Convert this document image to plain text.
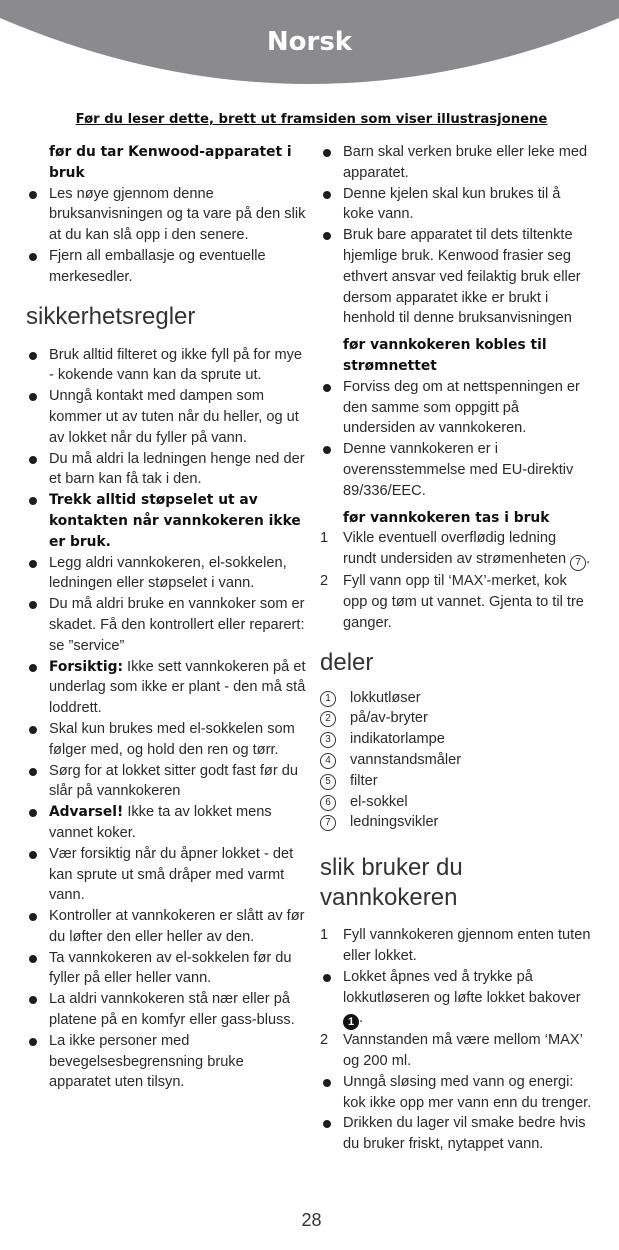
Norsk
Før du leser dette, brett ut framsiden som viser illustrasjonene
før du tar Kenwood-apparatet i bruk
Les nøye gjennom denne bruksanvisningen og ta vare på den slik at du kan slå opp i den senere.
Fjern all emballasje og eventuelle merkesedler.
sikkerhetsregler
Bruk alltid filteret og ikke fyll på for mye - kokende vann kan da sprute ut.
Unngå kontakt med dampen som kommer ut av tuten når du heller, og ut av lokket når du fyller på vann.
Du må aldri la ledningen henge ned der et barn kan få tak i den.
Trekk alltid støpselet ut av kontakten når vannkokeren ikke er bruk.
Legg aldri vannkokeren, el-sokkelen, ledningen eller støpselet i vann.
Du må aldri bruke en vannkoker som er skadet. Få den kontrollert eller reparert: se ”service”
Forsiktig: Ikke sett vannkokeren på et underlag som ikke er plant - den må stå loddrett.
Skal kun brukes med el-sokkelen som følger med, og hold den ren og tørr.
Sørg for at lokket sitter godt fast før du slår på vannkokeren
Advarsel! Ikke ta av lokket mens vannet koker.
Vær forsiktig når du åpner lokket - det kan sprute ut små dråper med varmt vann.
Kontroller at vannkokeren er slått av før du løfter den eller heller av den.
Ta vannkokeren av el-sokkelen før du fyller på eller heller vann.
La aldri vannkokeren stå nær eller på platene på en komfyr eller gass-bluss.
La ikke personer med bevegelsesbegrensning bruke apparatet uten tilsyn.
Barn skal verken bruke eller leke med apparatet.
Denne kjelen skal kun brukes til å koke vann.
Bruk bare apparatet til dets tiltenkte hjemlige bruk. Kenwood frasier seg ethvert ansvar ved feilaktig bruk eller dersom apparatet ikke er brukt i henhold til denne bruksanvisningen
før vannkokeren kobles til strømnettet
Forviss deg om at nettspenningen er den samme som oppgitt på undersiden av vannkokeren.
Denne vannkokeren er i overensstemmelse med EU-direktiv 89/336/EEC.
før vannkokeren tas i bruk
1	Vikle eventuell overflødig ledning rundt undersiden av strømenheten 7 .
2	Fyll vann opp til ‘MAX’-merket, kok opp og tøm ut vannet. Gjenta to til tre ganger.
deler
1	lokkutløser
2	på/av-bryter
3	indikatorlampe
4	vannstandsmåler
5	filter
6	el-sokkel
7	ledningsvikler
slik bruker du
vannkokeren
1	Fyll vannkokeren gjennom enten tuten eller lokket.
Lokket åpnes ved å trykke på lokkutløseren og løfte lokket bakover 1 .
2	Vannstanden må være mellom ‘MAX’ og 200 ml.
Unngå sløsing med vann og energi: kok ikke opp mer vann enn du trenger.
Drikken du lager vil smake bedre hvis du bruker friskt, nytappet vann.
28
